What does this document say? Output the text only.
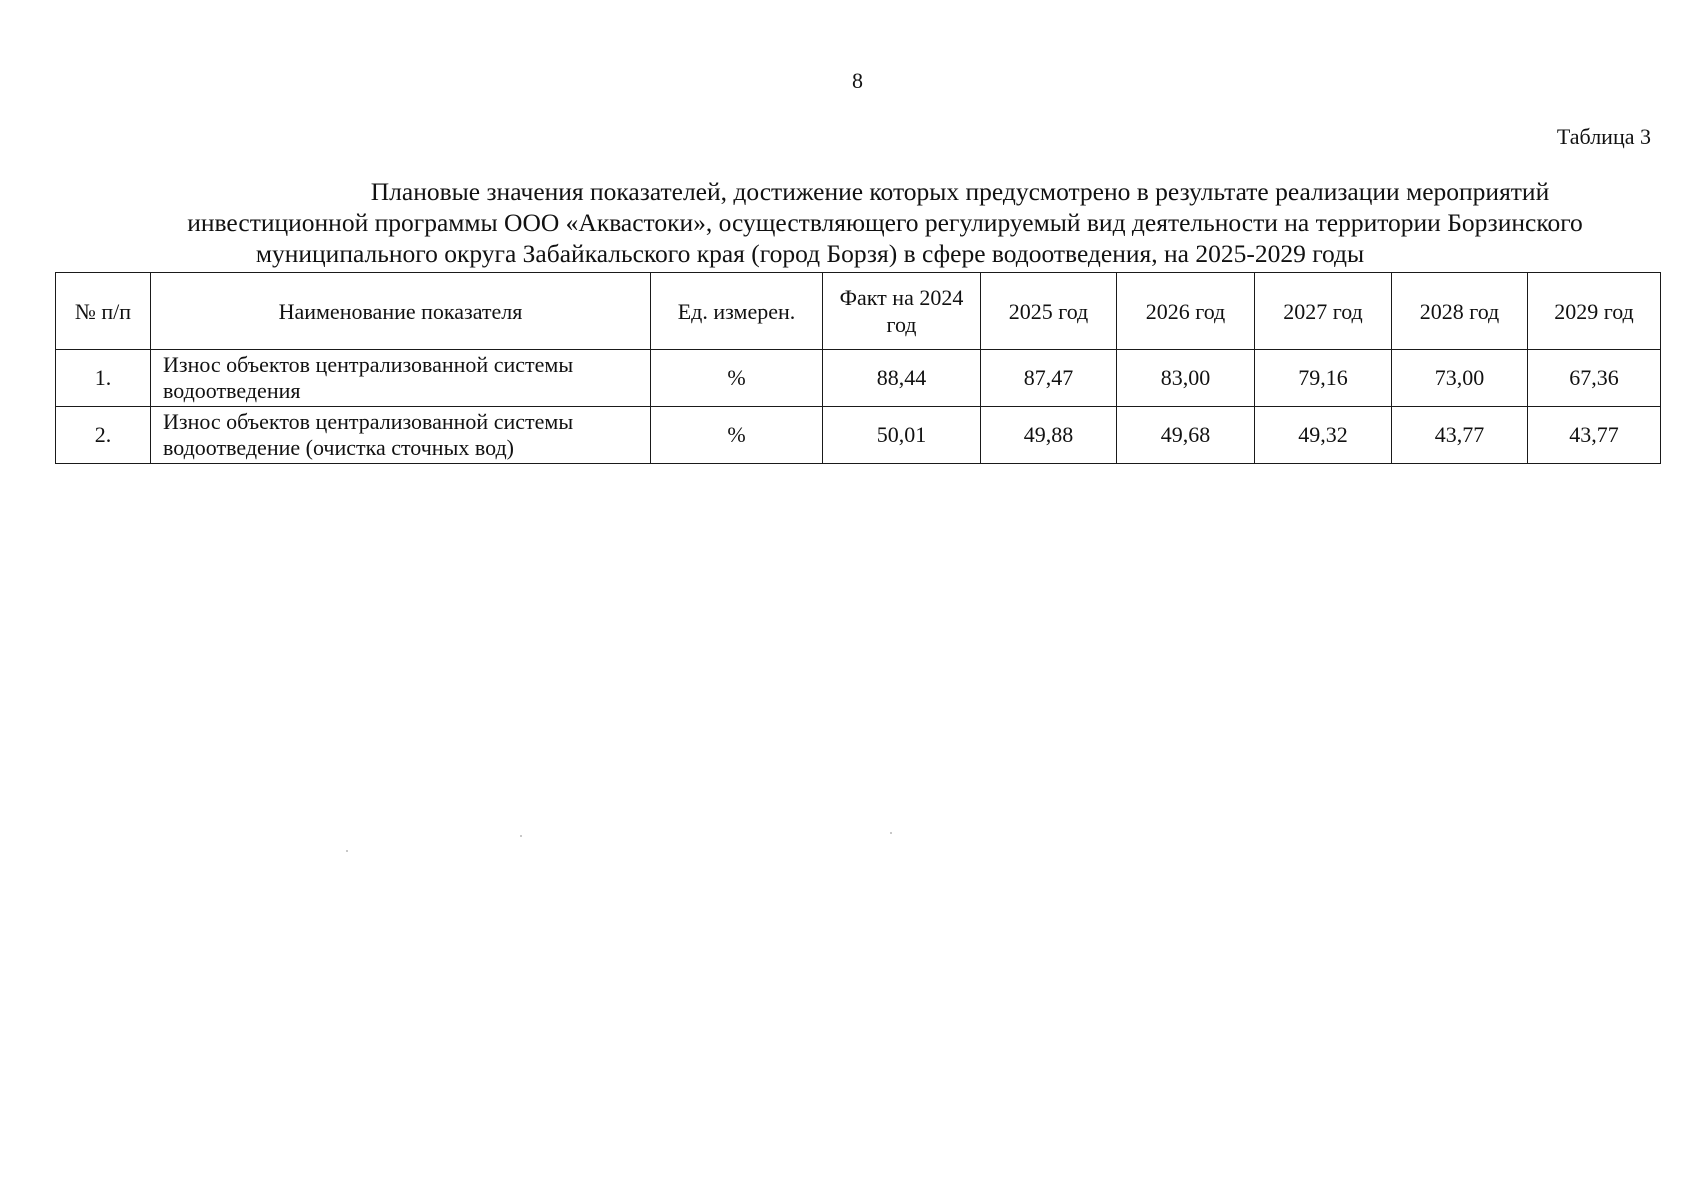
8
Таблица 3
Плановые значения показателей, достижение которых предусмотрено в результате реализации мероприятий
инвестиционной программы ООО «Аквастоки», осуществляющего регулируемый вид деятельности на территории Борзинского
муниципального округа Забайкальского края (город Борзя) в сфере водоотведения, на 2025-2029 годы
№ п/п	Наименование показателя	Ед. измерен.	Факт на 2024 год	2025 год	2026 год	2027 год	2028 год	2029 год
1.	Износ объектов централизованной системы водоотведения	%	88,44	87,47	83,00	79,16	73,00	67,36
2.	Износ объектов централизованной системы водоотведение (очистка сточных вод)	%	50,01	49,88	49,68	49,32	43,77	43,77
